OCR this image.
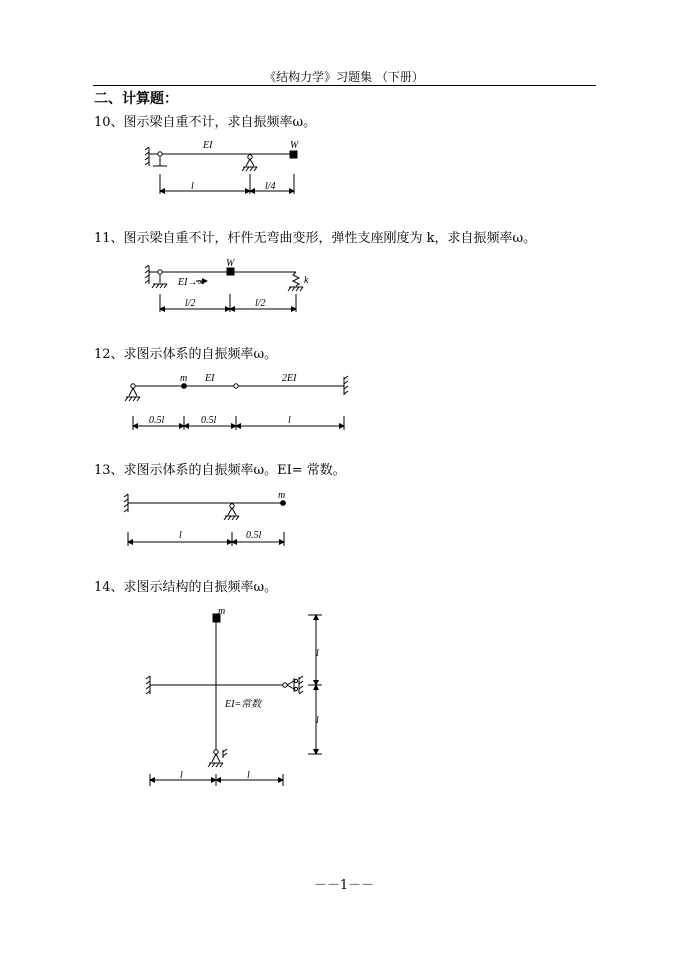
《结构力学》习题集 （下册）
二、计算题：
10、图示梁自重不计，求自振频率ω。
11、图示梁自重不计，杆件无弯曲变形，弹性支座刚度为 k，求自振频率ω。
12、求图示体系的自振频率ω。
13、求图示体系的自振频率ω。EI= 常数。
14、求图示结构的自振频率ω。
EI	W
l	l/4
EI→∞
W
k
l/2	l/2
m EI	2EI
0.5l	0.5l	l
m
l	0.5l
m
EI=常数
l
l
l	l
－－1－－
